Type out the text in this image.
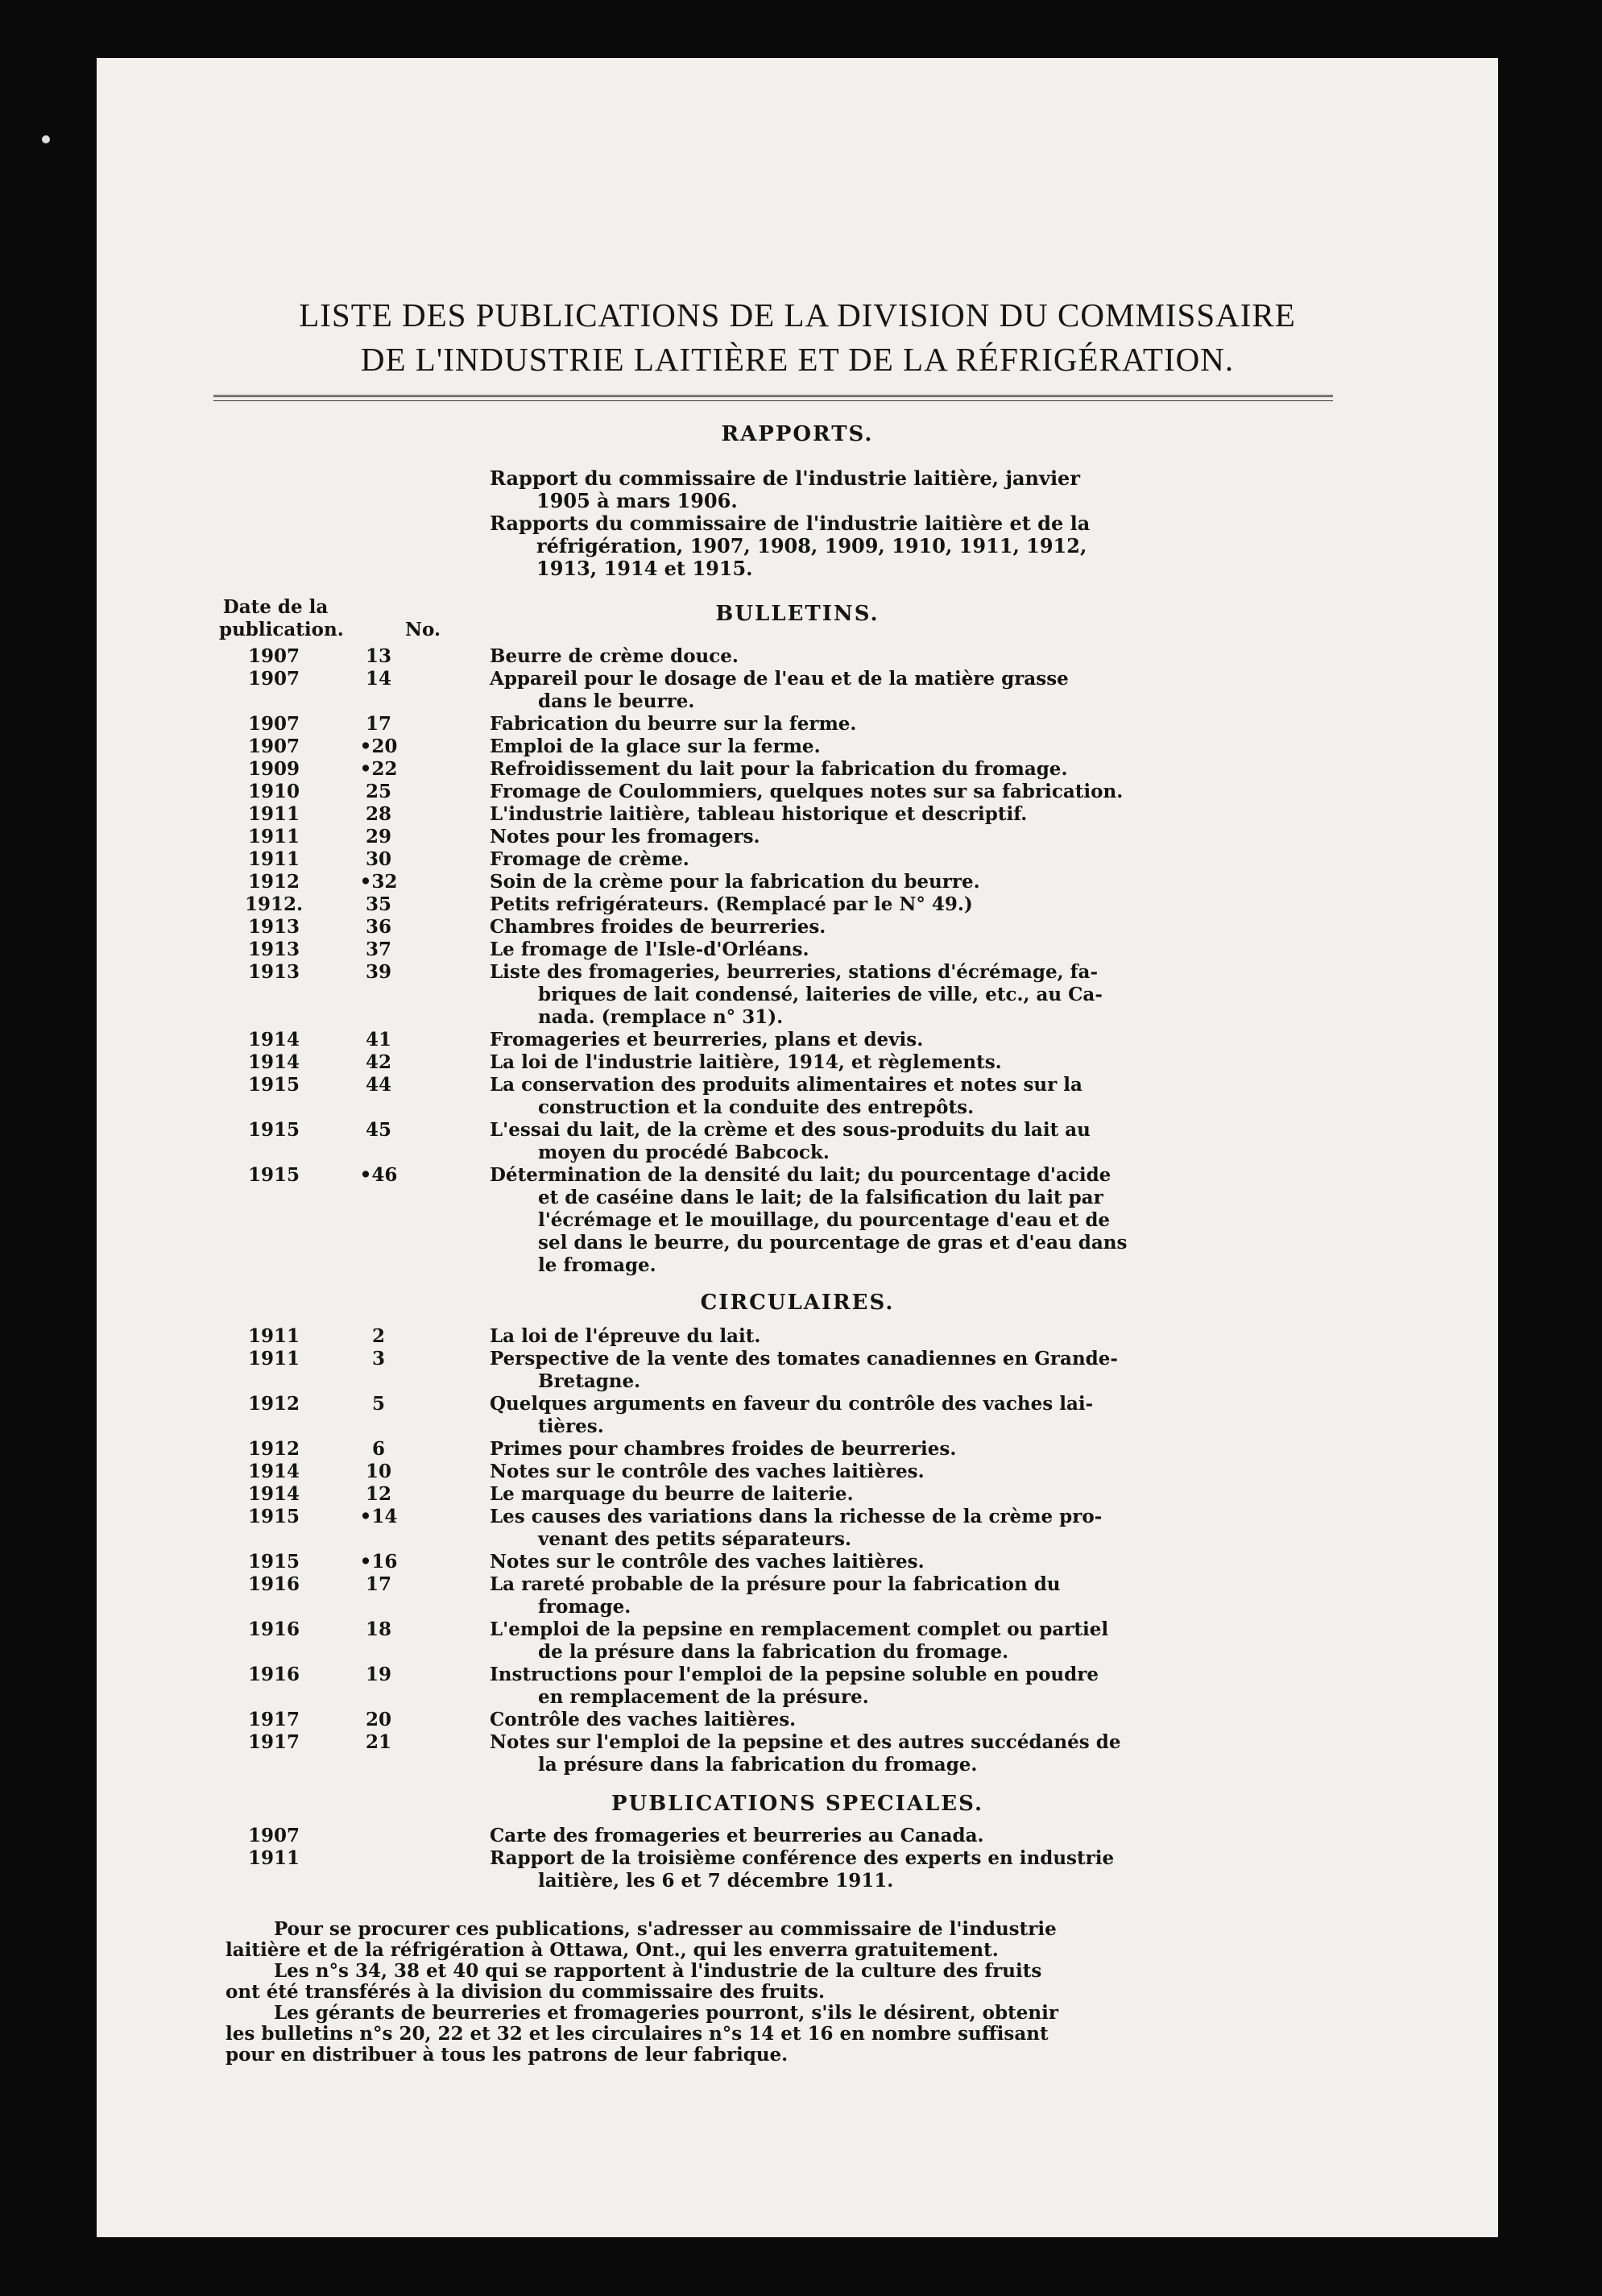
LISTE DES PUBLICATIONS DE LA DIVISION DU COMMISSAIRE
DE L'INDUSTRIE LAITIÈRE ET DE LA RÉFRIGÉRATION.
RAPPORTS.
Rapport du commissaire de l'industrie laitière, janvier
1905 à mars 1906.
Rapports du commissaire de l'industrie laitière et de la
réfrigération, 1907, 1908, 1909, 1910, 1911, 1912,
1913, 1914 et 1915.
Date de la
publication.	No.
BULLETINS.
1907	13	Beurre de crème douce.
1907	14	Appareil pour le dosage de l'eau et de la matière grasse
dans le beurre.
1907	17	Fabrication du beurre sur la ferme.
1907	•20	Emploi de la glace sur la ferme.
1909	•22	Refroidissement du lait pour la fabrication du fromage.
1910	25	Fromage de Coulommiers, quelques notes sur sa fabrication.
1911	28	L'industrie laitière, tableau historique et descriptif.
1911	29	Notes pour les fromagers.
1911	30	Fromage de crème.
1912	•32	Soin de la crème pour la fabrication du beurre.
1912.	35	Petits refrigérateurs. (Remplacé par le N° 49.)
1913	36	Chambres froides de beurreries.
1913	37	Le fromage de l'Isle-d'Orléans.
1913	39	Liste des fromageries, beurreries, stations d'écrémage, fa-
briques de lait condensé, laiteries de ville, etc., au Ca-
nada. (remplace n° 31).
1914	41	Fromageries et beurreries, plans et devis.
1914	42	La loi de l'industrie laitière, 1914, et règlements.
1915	44	La conservation des produits alimentaires et notes sur la
construction et la conduite des entrepôts.
1915	45	L'essai du lait, de la crème et des sous-produits du lait au
moyen du procédé Babcock.
1915	•46	Détermination de la densité du lait; du pourcentage d'acide
et de caséine dans le lait; de la falsification du lait par
l'écrémage et le mouillage, du pourcentage d'eau et de
sel dans le beurre, du pourcentage de gras et d'eau dans
le fromage.
CIRCULAIRES.
1911	2	La loi de l'épreuve du lait.
1911	3	Perspective de la vente des tomates canadiennes en Grande-
Bretagne.
1912	5	Quelques arguments en faveur du contrôle des vaches lai-
tières.
1912	6	Primes pour chambres froides de beurreries.
1914	10	Notes sur le contrôle des vaches laitières.
1914	12	Le marquage du beurre de laiterie.
1915	•14	Les causes des variations dans la richesse de la crème pro-
venant des petits séparateurs.
1915	•16	Notes sur le contrôle des vaches laitières.
1916	17	La rareté probable de la présure pour la fabrication du
fromage.
1916	18	L'emploi de la pepsine en remplacement complet ou partiel
de la présure dans la fabrication du fromage.
1916	19	Instructions pour l'emploi de la pepsine soluble en poudre
en remplacement de la présure.
1917	20	Contrôle des vaches laitières.
1917	21	Notes sur l'emploi de la pepsine et des autres succédanés de
la présure dans la fabrication du fromage.
PUBLICATIONS SPECIALES.
1907	Carte des fromageries et beurreries au Canada.
1911	Rapport de la troisième conférence des experts en industrie
laitière, les 6 et 7 décembre 1911.

Pour se procurer ces publications, s'adresser au commissaire de l'industrie

laitière et de la réfrigération à Ottawa, Ont., qui les enverra gratuitement.

Les n°s 34, 38 et 40 qui se rapportent à l'industrie de la culture des fruits

ont été transférés à la division du commissaire des fruits.

Les gérants de beurreries et fromageries pourront, s'ils le désirent, obtenir

les bulletins n°s 20, 22 et 32 et les circulaires n°s 14 et 16 en nombre suffisant
pour en distribuer à tous les patrons de leur fabrique.
